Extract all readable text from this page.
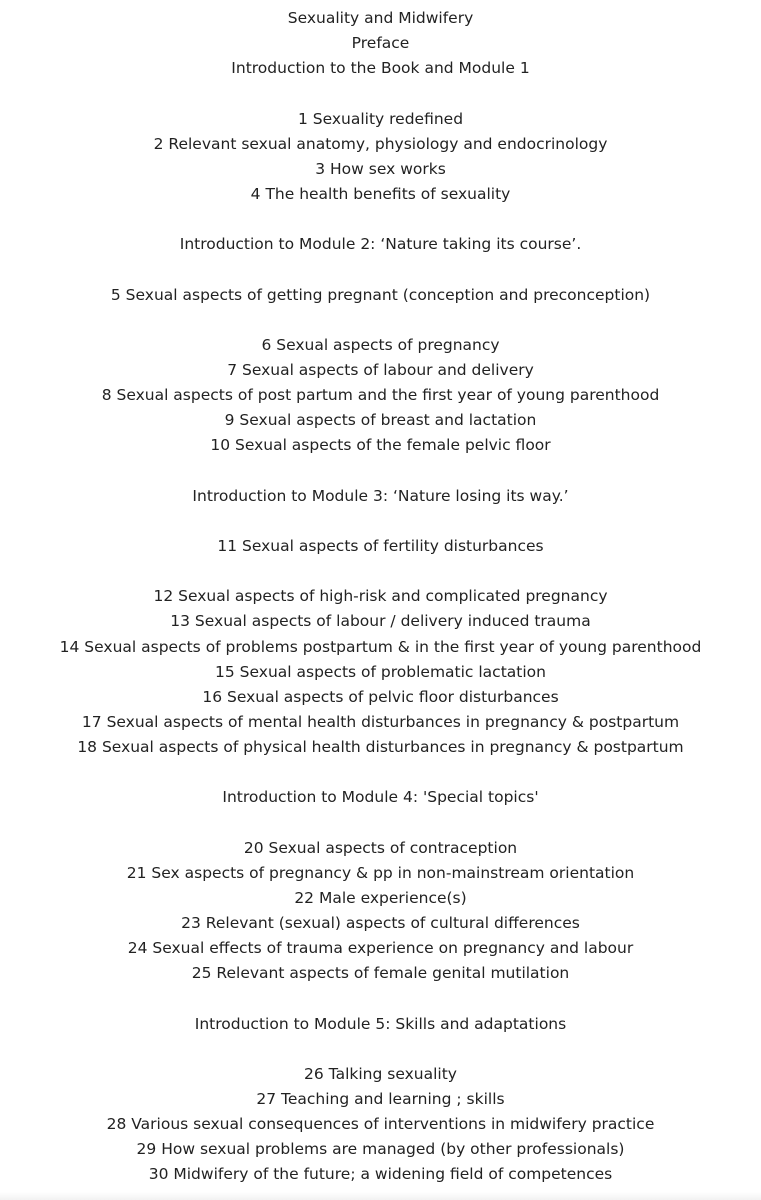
Sexuality and Midwifery
Preface
Introduction to the Book and Module 1
1 Sexuality redefined
2 Relevant sexual anatomy, physiology and endocrinology
3 How sex works
4 The health benefits of sexuality
Introduction to Module 2: ‘Nature taking its course’.
5 Sexual aspects of getting pregnant (conception and preconception)
6 Sexual aspects of pregnancy
7 Sexual aspects of labour and delivery
8 Sexual aspects of post partum and the first year of young parenthood
9 Sexual aspects of breast and lactation
10 Sexual aspects of the female pelvic floor
Introduction to Module 3: ‘Nature losing its way.’
11 Sexual aspects of fertility disturbances
12 Sexual aspects of high-risk and complicated pregnancy
13 Sexual aspects of labour / delivery induced trauma
14 Sexual aspects of problems postpartum & in the first year of young parenthood
15 Sexual aspects of problematic lactation
16 Sexual aspects of pelvic floor disturbances
17 Sexual aspects of mental health disturbances in pregnancy & postpartum
18 Sexual aspects of physical health disturbances in pregnancy & postpartum
Introduction to Module 4: 'Special topics'
20 Sexual aspects of contraception
21 Sex aspects of pregnancy & pp in non-mainstream orientation
22 Male experience(s)
23 Relevant (sexual) aspects of cultural differences
24 Sexual effects of trauma experience on pregnancy and labour
25 Relevant aspects of female genital mutilation
Introduction to Module 5: Skills and adaptations
26 Talking sexuality
27 Teaching and learning ; skills
28 Various sexual consequences of interventions in midwifery practice
29 How sexual problems are managed (by other professionals)
30 Midwifery of the future; a widening field of competences
